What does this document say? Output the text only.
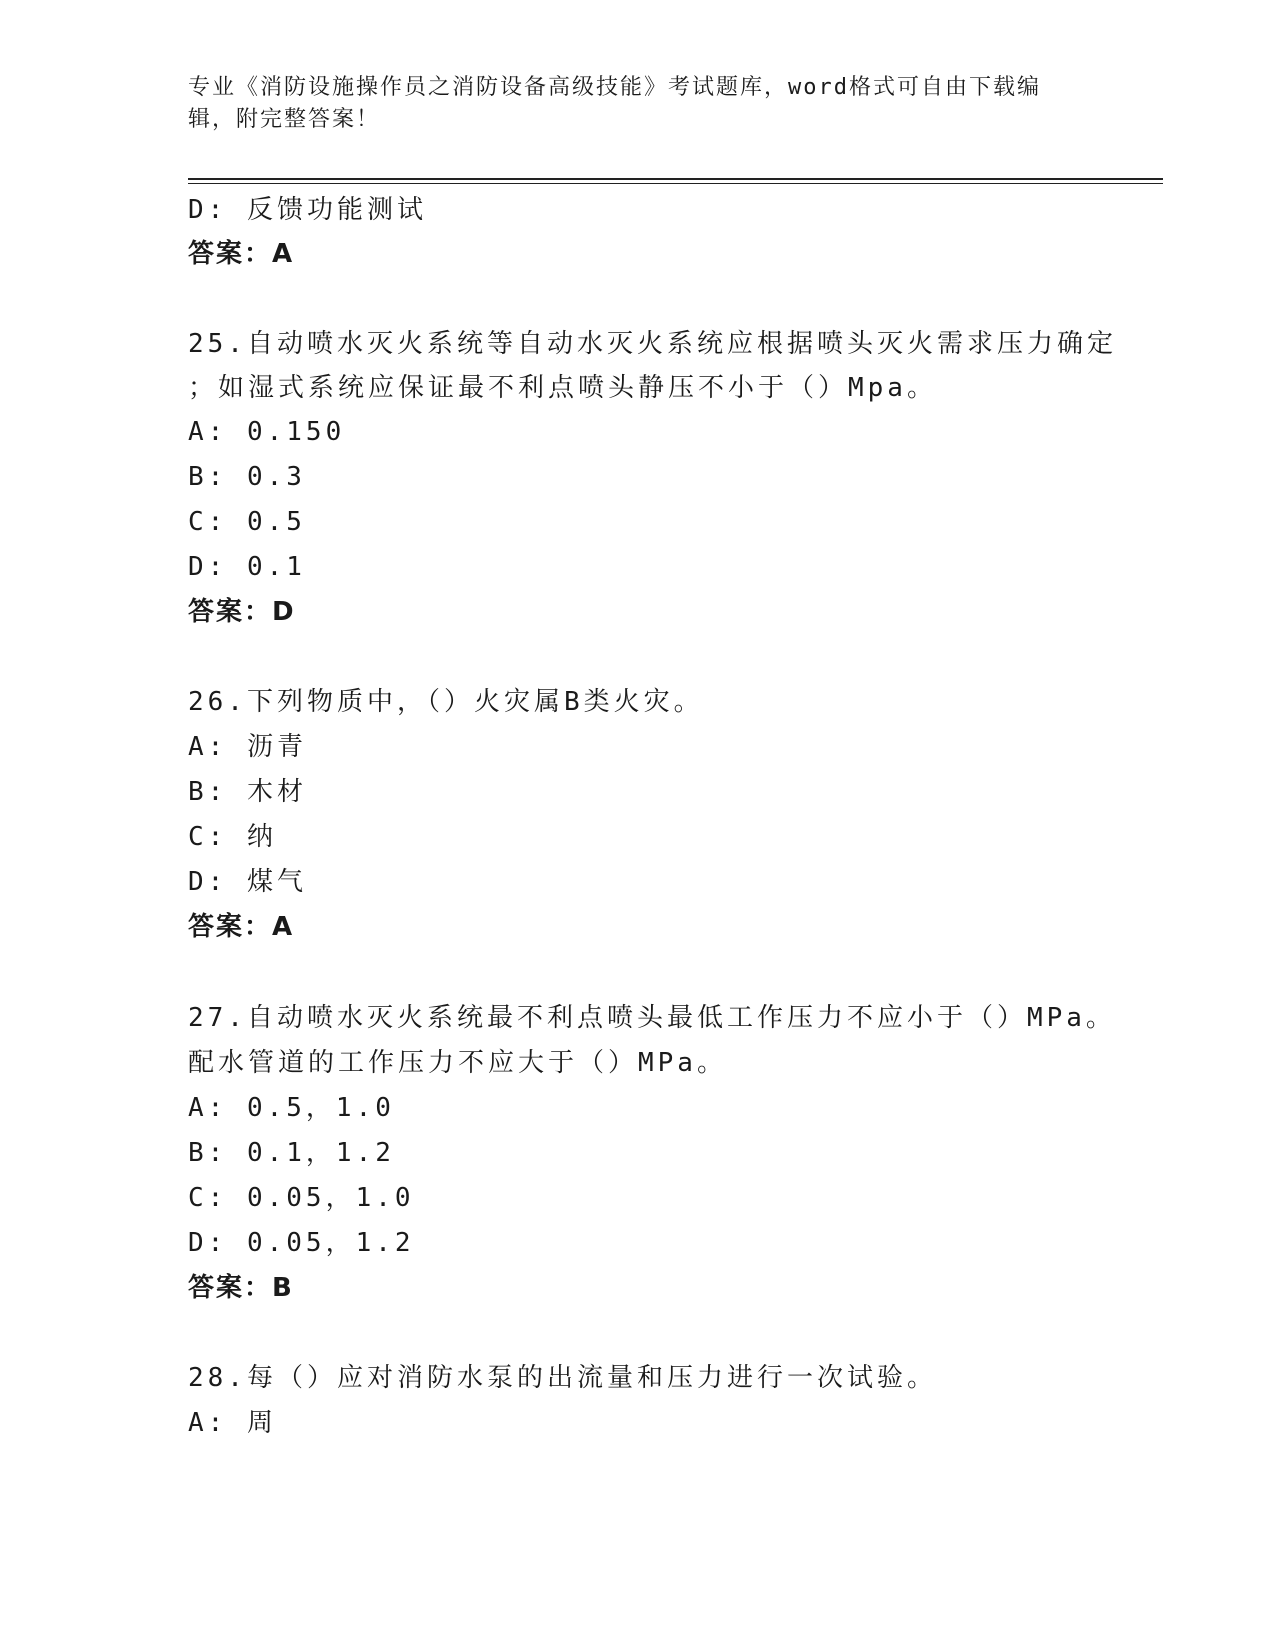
专业《消防设施操作员之消防设备高级技能》考试题库，word格式可自由下载编
辑，附完整答案！
D: 反馈功能测试
答案：A
25.自动喷水灭火系统等自动水灭火系统应根据喷头灭火需求压力确定
；如湿式系统应保证最不利点喷头静压不小于（）Mpa。
A: 0.150
B: 0.3
C: 0.5
D: 0.1
答案：D
26.下列物质中，（）火灾属B类火灾。
A: 沥青
B: 木材
C: 纳
D: 煤气
答案：A
27.自动喷水灭火系统最不利点喷头最低工作压力不应小于（）MPa。
配水管道的工作压力不应大于（）MPa。
A: 0.5，1.0
B: 0.1，1.2
C: 0.05，1.0
D: 0.05，1.2
答案：B
28.每（）应对消防水泵的出流量和压力进行一次试验。
A: 周
